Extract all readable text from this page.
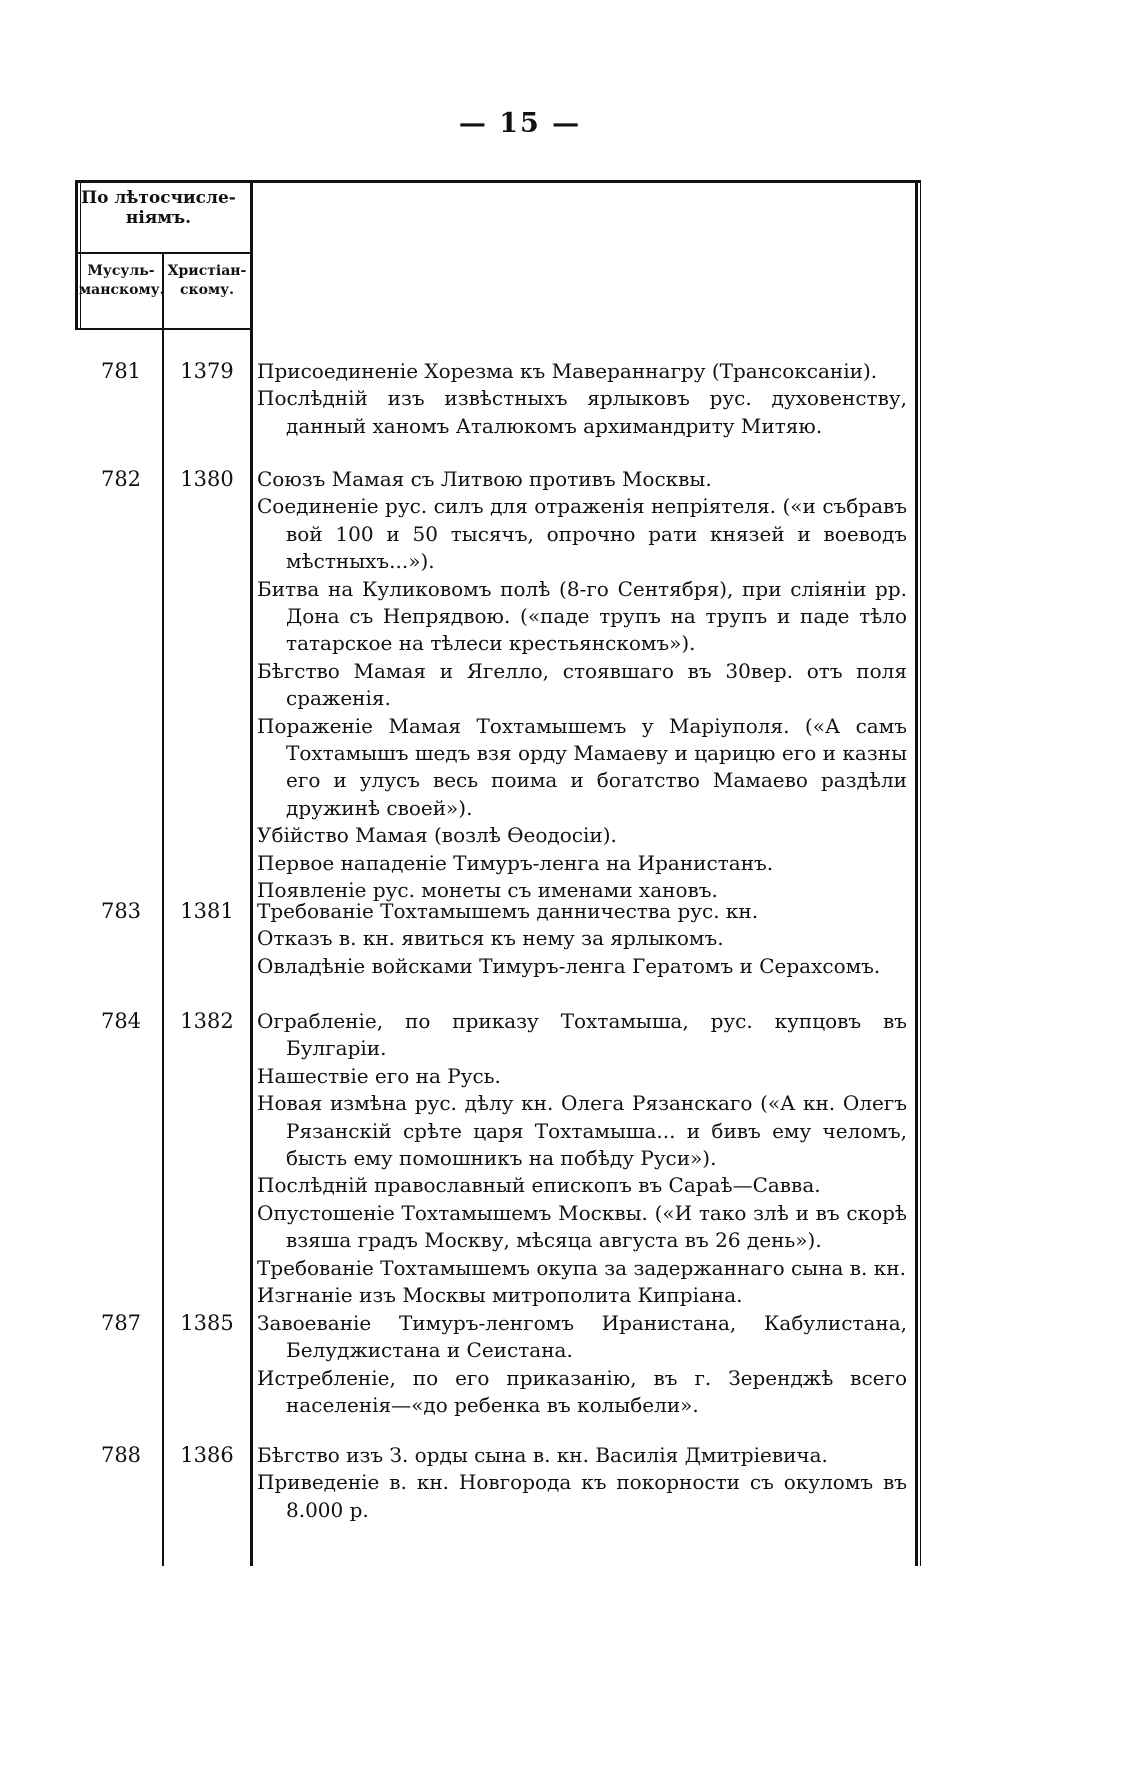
— 15 —
По лѣтосчисле-ніямъ.
Мусуль-манскому.
Христіан-скому.
781	1379	Присоединеніе Хорезма къ Мавераннагру (Трансоксаніи).
Послѣдній изъ извѣстныхъ ярлыковъ рус. духовенству, данный ханомъ Аталюкомъ архимандриту Митяю.
782	1380	Союзъ Мамая съ Литвою противъ Москвы.
Соединеніе рус. силъ для отраженія непріятеля. («и събравъ вой 100 и 50 тысячъ, опрочно рати князей и воеводъ мѣстныхъ...»).
Битва на Куликовомъ полѣ (8-го Сентября), при сліяніи рр. Дона съ Непрядвою. («паде трупъ на трупъ и паде тѣло татарское на тѣлеси крестьянскомъ»).
Бѣгство Мамая и Ягелло, стоявшаго въ 30вер. отъ поля сраженія.
Пораженіе Мамая Тохтамышемъ у Маріуполя. («А самъ Тохтамышъ шедъ взя орду Мамаеву и царицю его и казны его и улусъ весь поима и богатство Мамаево раздѣли дружинѣ своей»).
Убійство Мамая (возлѣ Ѳеодосіи).
Первое нападеніе Тимуръ-ленга на Иранистанъ.
Появленіе рус. монеты съ именами хановъ.
783	1381	Требованіе Тохтамышемъ данничества рус. кн.
Отказъ в. кн. явиться къ нему за ярлыкомъ.
Овладѣніе войсками Тимуръ-ленга Гератомъ и Серахсомъ.
784	1382	Ограбленіе, по приказу Тохтамыша, рус. купцовъ въ Булгаріи.
Нашествіе его на Русь.
Новая измѣна рус. дѣлу кн. Олега Рязанскаго («А кн. Олегъ Рязанскій срѣте царя Тохтамыша... и бивъ ему челомъ, бысть ему помошникъ на побѣду Руси»).
Послѣдній православный епископъ въ Сараѣ—Савва.
Опустошеніе Тохтамышемъ Москвы. («И тако злѣ и въ скорѣ взяша градъ Москву, мѣсяца августа въ 26 день»).
Требованіе Тохтамышемъ окупа за задержаннаго сына в. кн.
Изгнаніе изъ Москвы митрополита Кипріана.
787	1385	Завоеваніе Тимуръ-ленгомъ Иранистана, Кабулистана, Белуджистана и Сеистана.
Истребленіе, по его приказанію, въ г. Зеренджѣ всего населенія—«до ребенка въ колыбели».
788	1386	Бѣгство изъ З. орды сына в. кн. Василія Дмитріевича.
Приведеніе в. кн. Новгорода къ покорности съ окуломъ въ 8.000 р.
